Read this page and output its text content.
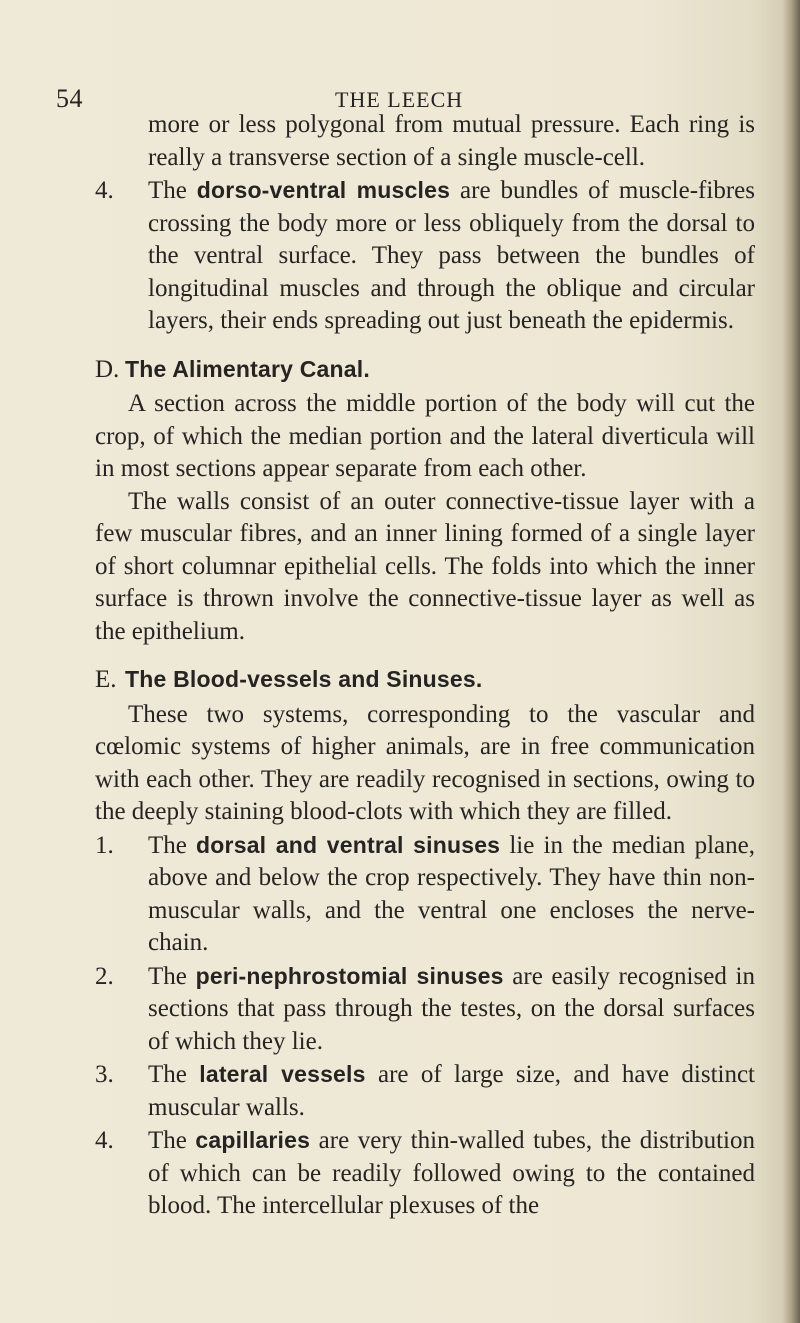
54	THE LEECH

more or less polygonal from mutual pressure. Each ring is really a transverse section of a single muscle-cell.

4. The dorso-ventral muscles are bundles of muscle-fibres crossing the body more or less obliquely from the dorsal to the ventral surface. They pass between the bundles of longitudinal muscles and through the oblique and circular layers, their ends spreading out just beneath the epidermis.

D. The Alimentary Canal.

A section across the middle portion of the body will cut the crop, of which the median portion and the lateral diverticula will in most sections appear separate from each other.

The walls consist of an outer connective-tissue layer with a few muscular fibres, and an inner lining formed of a single layer of short columnar epithelial cells. The folds into which the inner surface is thrown involve the connective-tissue layer as well as the epithelium.

E. The Blood-vessels and Sinuses.

These two systems, corresponding to the vascular and cœlomic systems of higher animals, are in free communication with each other. They are readily recognised in sections, owing to the deeply staining blood-clots with which they are filled.

1. The dorsal and ventral sinuses lie in the median plane, above and below the crop respectively. They have thin non-muscular walls, and the ventral one encloses the nerve-chain.

2. The peri-nephrostomial sinuses are easily recognised in sections that pass through the testes, on the dorsal surfaces of which they lie.

3. The lateral vessels are of large size, and have distinct muscular walls.

4. The capillaries are very thin-walled tubes, the distribution of which can be readily followed owing to the contained blood. The intercellular plexuses of the
